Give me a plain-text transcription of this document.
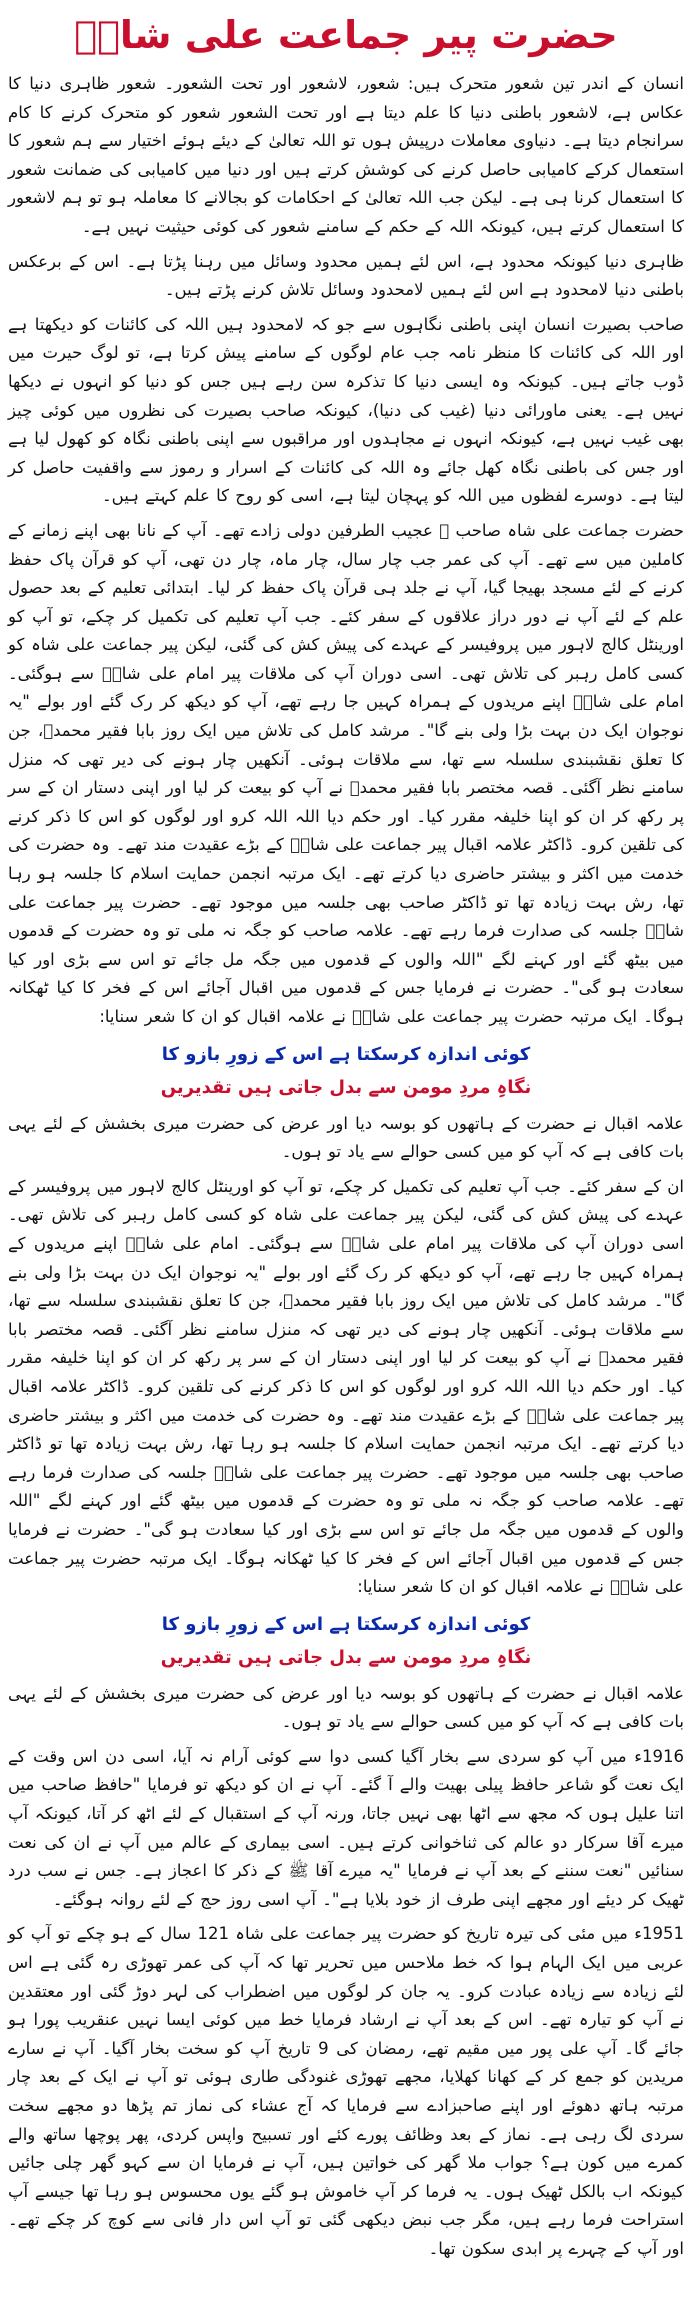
حضرت پیر جماعت علی شاہؒ

انسان کے اندر تین شعور متحرک ہیں: شعور، لاشعور اور تحت الشعور۔ شعور ظاہری دنیا کا عکاس ہے، لاشعور باطنی دنیا کا علم دیتا ہے اور تحت الشعور شعور کو متحرک کرنے کا کام سرانجام دیتا ہے۔ دنیاوی معاملات درپیش ہوں تو اللہ تعالیٰ کے دیئے ہوئے اختیار سے ہم شعور کا استعمال کرکے کامیابی حاصل کرنے کی کوشش کرتے ہیں اور دنیا میں کامیابی کی ضمانت شعور کا استعمال کرنا ہی ہے۔ لیکن جب اللہ تعالیٰ کے احکامات کو بجالانے کا معاملہ ہو تو ہم لاشعور کا استعمال کرتے ہیں، کیونکہ اللہ کے حکم کے سامنے شعور کی کوئی حیثیت نہیں ہے۔

ظاہری دنیا کیونکہ محدود ہے، اس لئے ہمیں محدود وسائل میں رہنا پڑتا ہے۔ اس کے برعکس باطنی دنیا لامحدود ہے اس لئے ہمیں لامحدود وسائل تلاش کرنے پڑتے ہیں۔

صاحب بصیرت انسان اپنی باطنی نگاہوں سے جو کہ لامحدود ہیں اللہ کی کائنات کو دیکھتا ہے اور اللہ کی کائنات کا منظر نامہ جب عام لوگوں کے سامنے پیش کرتا ہے، تو لوگ حیرت میں ڈوب جاتے ہیں۔ کیونکہ وہ ایسی دنیا کا تذکرہ سن رہے ہیں جس کو دنیا کو انہوں نے دیکھا نہیں ہے۔ یعنی ماورائی دنیا (غیب کی دنیا)، کیونکہ صاحب بصیرت کی نظروں میں کوئی چیز بھی غیب نہیں ہے، کیونکہ انہوں نے مجاہدوں اور مراقبوں سے اپنی باطنی نگاہ کو کھول لیا ہے اور جس کی باطنی نگاہ کھل جائے وہ اللہ کی کائنات کے اسرار و رموز سے واقفیت حاصل کر لیتا ہے۔ دوسرے لفظوں میں اللہ کو پہچان لیتا ہے، اسی کو روح کا علم کہتے ہیں۔

حضرت جماعت علی شاہ صاحب ؒ عجیب الطرفین دولی زادے تھے۔ آپ کے نانا بھی اپنے زمانے کے کاملین میں سے تھے۔ آپ کی عمر جب چار سال، چار ماہ، چار دن تھی، آپ کو قرآن پاک حفظ کرنے کے لئے مسجد بھیجا گیا، آپ نے جلد ہی قرآن پاک حفظ کر لیا۔ ابتدائی تعلیم کے بعد حصول علم کے لئے آپ نے دور دراز علاقوں کے سفر کئے۔ جب آپ تعلیم کی تکمیل کر چکے، تو آپ کو اورینٹل کالج لاہور میں پروفیسر کے عہدے کی پیش کش کی گئی، لیکن پیر جماعت علی شاہ کو کسی کامل رہبر کی تلاش تھی۔ اسی دوران آپ کی ملاقات پیر امام علی شاہؒ سے ہوگئی۔ امام علی شاہؒ اپنے مریدوں کے ہمراہ کہیں جا رہے تھے، آپ کو دیکھ کر رک گئے اور بولے "یہ نوجوان ایک دن بہت بڑا ولی بنے گا"۔ مرشد کامل کی تلاش میں ایک روز بابا فقیر محمدؒ، جن کا تعلق نقشبندی سلسلہ سے تھا، سے ملاقات ہوئی۔ آنکھیں چار ہونے کی دیر تھی کہ منزل سامنے نظر آگئی۔ قصہ مختصر بابا فقیر محمدؒ نے آپ کو بیعت کر لیا اور اپنی دستار ان کے سر پر رکھ کر ان کو اپنا خلیفہ مقرر کیا۔ اور حکم دیا اللہ اللہ کرو اور لوگوں کو اس کا ذکر کرنے کی تلقین کرو۔ ڈاکٹر علامہ اقبال پیر جماعت علی شاہؒ کے بڑے عقیدت مند تھے۔ وہ حضرت کی خدمت میں اکثر و بیشتر حاضری دیا کرتے تھے۔ ایک مرتبہ انجمن حمایت اسلام کا جلسہ ہو رہا تھا، رش بہت زیادہ تھا تو ڈاکٹر صاحب بھی جلسہ میں موجود تھے۔ حضرت پیر جماعت علی شاہؒ جلسہ کی صدارت فرما رہے تھے۔ علامہ صاحب کو جگہ نہ ملی تو وہ حضرت کے قدموں میں بیٹھ گئے اور کہنے لگے "اللہ والوں کے قدموں میں جگہ مل جائے تو اس سے بڑی اور کیا سعادت ہو گی"۔ حضرت نے فرمایا جس کے قدموں میں اقبال آجائے اس کے فخر کا کیا ٹھکانہ ہوگا۔ ایک مرتبہ حضرت پیر جماعت علی شاہؒ نے علامہ اقبال کو ان کا شعر سنایا:

کوئی اندازہ کرسکتا ہے اس کے زورِ بازو کا

نگاہِ مردِ مومن سے بدل جاتی ہیں تقدیریں

علامہ اقبال نے حضرت کے ہاتھوں کو بوسہ دیا اور عرض کی حضرت میری بخشش کے لئے یہی بات کافی ہے کہ آپ کو میں کسی حوالے سے یاد تو ہوں۔

ان کے سفر کئے۔ جب آپ تعلیم کی تکمیل کر چکے، تو آپ کو اورینٹل کالج لاہور میں پروفیسر کے عہدے کی پیش کش کی گئی، لیکن پیر جماعت علی شاہ کو کسی کامل رہبر کی تلاش تھی۔ اسی دوران آپ کی ملاقات پیر امام علی شاہؒ سے ہوگئی۔ امام علی شاہؒ اپنے مریدوں کے ہمراہ کہیں جا رہے تھے، آپ کو دیکھ کر رک گئے اور بولے "یہ نوجوان ایک دن بہت بڑا ولی بنے گا"۔ مرشد کامل کی تلاش میں ایک روز بابا فقیر محمدؒ، جن کا تعلق نقشبندی سلسلہ سے تھا، سے ملاقات ہوئی۔ آنکھیں چار ہونے کی دیر تھی کہ منزل سامنے نظر آگئی۔ قصہ مختصر بابا فقیر محمدؒ نے آپ کو بیعت کر لیا اور اپنی دستار ان کے سر پر رکھ کر ان کو اپنا خلیفہ مقرر کیا۔ اور حکم دیا اللہ اللہ کرو اور لوگوں کو اس کا ذکر کرنے کی تلقین کرو۔ ڈاکٹر علامہ اقبال پیر جماعت علی شاہؒ کے بڑے عقیدت مند تھے۔ وہ حضرت کی خدمت میں اکثر و بیشتر حاضری دیا کرتے تھے۔ ایک مرتبہ انجمن حمایت اسلام کا جلسہ ہو رہا تھا، رش بہت زیادہ تھا تو ڈاکٹر صاحب بھی جلسہ میں موجود تھے۔ حضرت پیر جماعت علی شاہؒ جلسہ کی صدارت فرما رہے تھے۔ علامہ صاحب کو جگہ نہ ملی تو وہ حضرت کے قدموں میں بیٹھ گئے اور کہنے لگے "اللہ والوں کے قدموں میں جگہ مل جائے تو اس سے بڑی اور کیا سعادت ہو گی"۔ حضرت نے فرمایا جس کے قدموں میں اقبال آجائے اس کے فخر کا کیا ٹھکانہ ہوگا۔ ایک مرتبہ حضرت پیر جماعت علی شاہؒ نے علامہ اقبال کو ان کا شعر سنایا:

کوئی اندازہ کرسکتا ہے اس کے زورِ بازو کا

نگاہِ مردِ مومن سے بدل جاتی ہیں تقدیریں

علامہ اقبال نے حضرت کے ہاتھوں کو بوسہ دیا اور عرض کی حضرت میری بخشش کے لئے یہی بات کافی ہے کہ آپ کو میں کسی حوالے سے یاد تو ہوں۔

1916ء میں آپ کو سردی سے بخار آگیا کسی دوا سے کوئی آرام نہ آیا، اسی دن اس وقت کے ایک نعت گو شاعر حافظ پیلی بھیت والے آ گئے۔ آپ نے ان کو دیکھ تو فرمایا "حافظ صاحب میں اتنا علیل ہوں کہ مجھ سے اٹھا بھی نہیں جاتا، ورنہ آپ کے استقبال کے لئے اٹھ کر آتا، کیونکہ آپ میرے آقا سرکار دو عالم کی ثناخوانی کرتے ہیں۔ اسی بیماری کے عالم میں آپ نے ان کی نعت سنائیں "نعت سننے کے بعد آپ نے فرمایا "یہ میرے آقا ﷺ کے ذکر کا اعجاز ہے۔ جس نے سب درد ٹھیک کر دیئے اور مجھے اپنی طرف از خود بلایا ہے"۔ آپ اسی روز حج کے لئے روانہ ہوگئے۔

1951ء میں مئی کی تیرہ تاریخ کو حضرت پیر جماعت علی شاہ 121 سال کے ہو چکے تو آپ کو عربی میں ایک الہام ہوا کہ خط ملاحس میں تحریر تھا کہ آپ کی عمر تھوڑی رہ گئی ہے اس لئے زیادہ سے زیادہ عبادت کرو۔ یہ جان کر لوگوں میں اضطراب کی لہر دوڑ گئی اور معتقدین نے آپ کو تیارہ تھے۔ اس کے بعد آپ نے ارشاد فرمایا خط میں کوئی ایسا نہیں عنقریب پورا ہو جائے گا۔ آپ علی پور میں مقیم تھے، رمضان کی 9 تاریخ آپ کو سخت بخار آگیا۔ آپ نے سارے مریدین کو جمع کر کے کھانا کھلایا، مجھے تھوڑی غنودگی طاری ہوئی تو آپ نے ایک کے بعد چار مرتبہ ہاتھ دھوئے اور اپنے صاحبزادے سے فرمایا کہ آج عشاء کی نماز تم پڑھا دو مجھے سخت سردی لگ رہی ہے۔ نماز کے بعد وظائف پورے کئے اور تسبیح واپس کردی، پھر پوچھا ساتھ والے کمرے میں کون ہے؟ جواب ملا گھر کی خواتین ہیں، آپ نے فرمایا ان سے کہو گھر چلی جائیں کیونکہ اب بالکل ٹھیک ہوں۔ یہ فرما کر آپ خاموش ہو گئے یوں محسوس ہو رہا تھا جیسے آپ استراحت فرما رہے ہیں، مگر جب نبض دیکھی گئی تو آپ اس دار فانی سے کوچ کر چکے تھے۔ اور آپ کے چہرے پر ابدی سکون تھا۔
